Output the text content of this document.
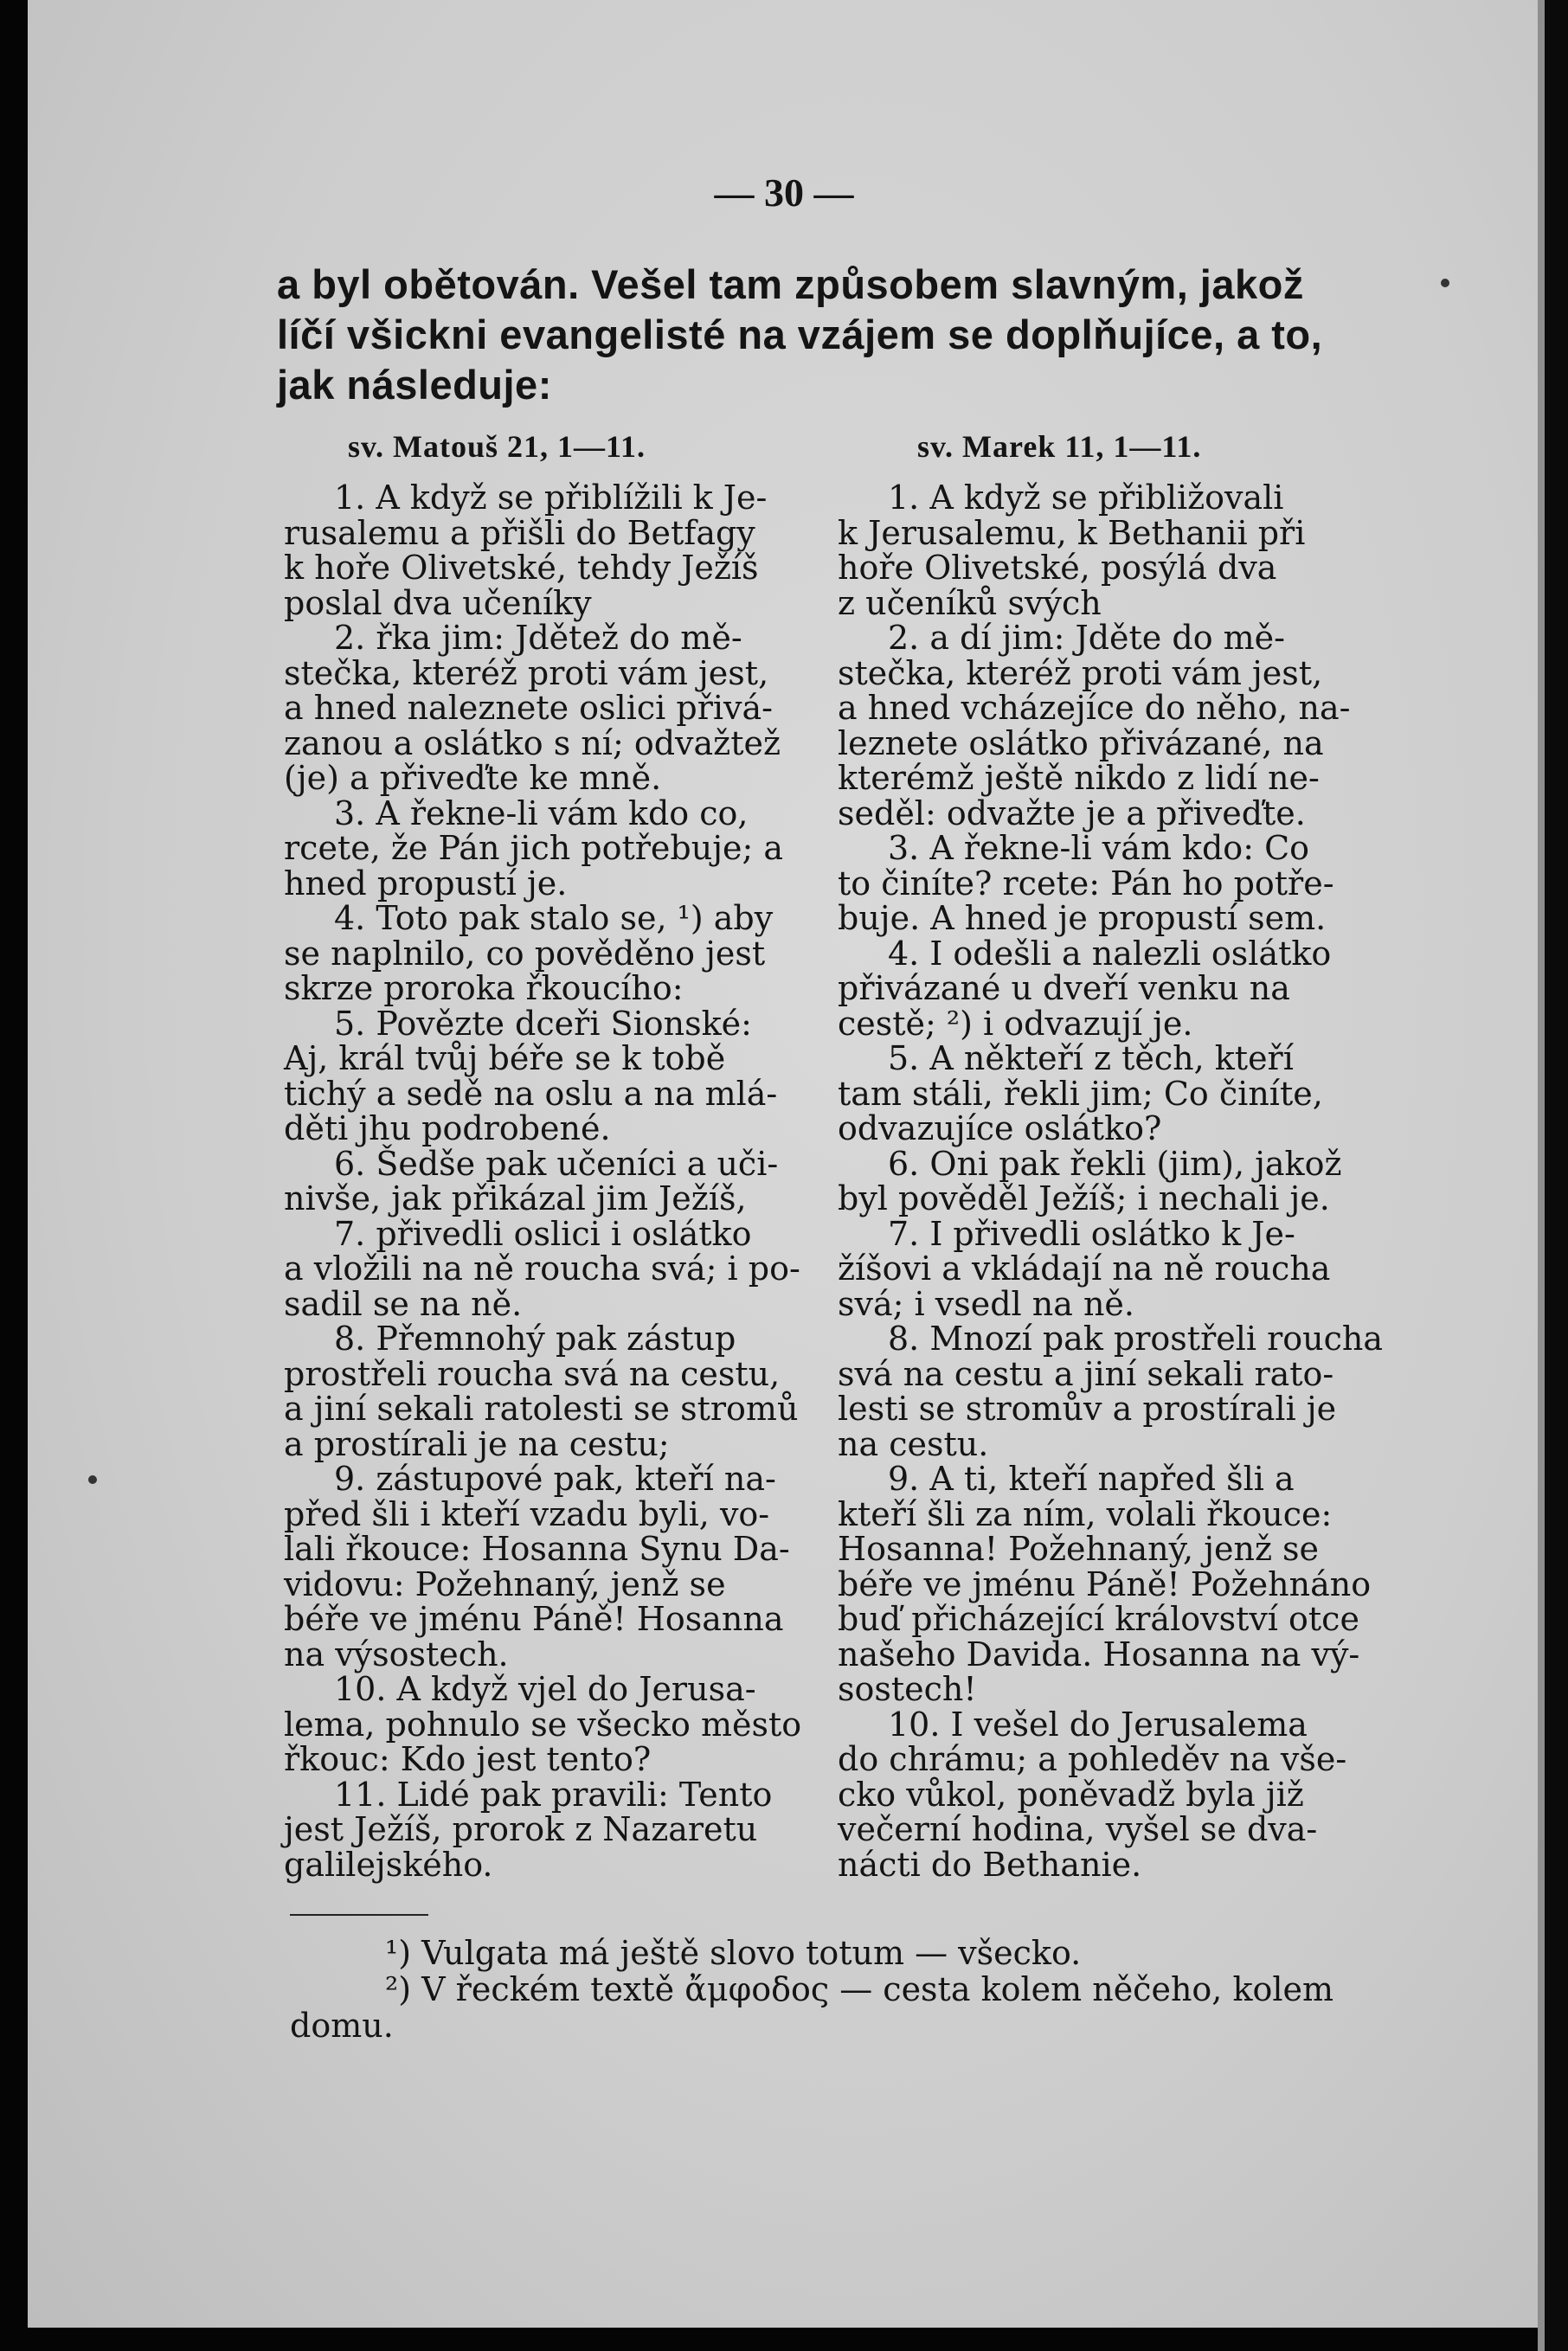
— 30 —
a byl obětován. Vešel tam způsobem slavným, jakož
líčí všickni evangelisté na vzájem se doplňujíce, a to,
jak následuje:
sv. Matouš 21, 1—11.	sv. Marek 11, 1—11.
1. A když se přiblížili k Je-
rusalemu a přišli do Betfagy
k hoře Olivetské, tehdy Ježíš
poslal dva učeníky
2. řka jim: Jdětež do mě-
stečka, kteréž proti vám jest,
a hned naleznete oslici přivá-
zanou a oslátko s ní; odvažtež
(je) a přiveďte ke mně.
3. A řekne-li vám kdo co,
rcete, že Pán jich potřebuje; a
hned propustí je.
4. Toto pak stalo se, ¹) aby
se naplnilo, co pověděno jest
skrze proroka řkoucího:
5. Povězte dceři Sionské:
Aj, král tvůj béře se k tobě
tichý a sedě na oslu a na mlá-
děti jhu podrobené.
6. Šedše pak učeníci a uči-
nivše, jak přikázal jim Ježíš,
7. přivedli oslici i oslátko
a vložili na ně roucha svá; i po-
sadil se na ně.
8. Přemnohý pak zástup
prostřeli roucha svá na cestu,
a jiní sekali ratolesti se stromů
a prostírali je na cestu;
9. zástupové pak, kteří na-
před šli i kteří vzadu byli, vo-
lali řkouce: Hosanna Synu Da-
vidovu: Požehnaný, jenž se
béře ve jménu Páně! Hosanna
na výsostech.
10. A když vjel do Jerusa-
lema, pohnulo se všecko město
řkouc: Kdo jest tento?
11. Lidé pak pravili: Tento
jest Ježíš, prorok z Nazaretu
galilejského.
1. A když se přibližovali
k Jerusalemu, k Bethanii při
hoře Olivetské, posýlá dva
z učeníků svých
2. a dí jim: Jděte do mě-
stečka, kteréž proti vám jest,
a hned vcházejíce do něho, na-
leznete oslátko přivázané, na
kterémž ještě nikdo z lidí ne-
seděl: odvažte je a přiveďte.
3. A řekne-li vám kdo: Co
to činíte? rcete: Pán ho potře-
buje. A hned je propustí sem.
4. I odešli a nalezli oslátko
přivázané u dveří venku na
cestě; ²) i odvazují je.
5. A někteří z těch, kteří
tam stáli, řekli jim; Co činíte,
odvazujíce oslátko?
6. Oni pak řekli (jim), jakož
byl pověděl Ježíš; i nechali je.
7. I přivedli oslátko k Je-
žíšovi a vkládají na ně roucha
svá; i vsedl na ně.
8. Mnozí pak prostřeli roucha
svá na cestu a jiní sekali rato-
lesti se stromův a prostírali je
na cestu.
9. A ti, kteří napřed šli a
kteří šli za ním, volali řkouce:
Hosanna! Požehnaný, jenž se
béře ve jménu Páně! Požehnáno
buď přicházející království otce
našeho Davida. Hosanna na vý-
sostech!
10. I vešel do Jerusalema
do chrámu; a pohleděv na vše-
cko vůkol, poněvadž byla již
večerní hodina, vyšel se dva-
nácti do Bethanie.
¹) Vulgata má ještě slovo totum — všecko.
²) V řeckém textě ἄμφοδος — cesta kolem něčeho, kolem
domu.
